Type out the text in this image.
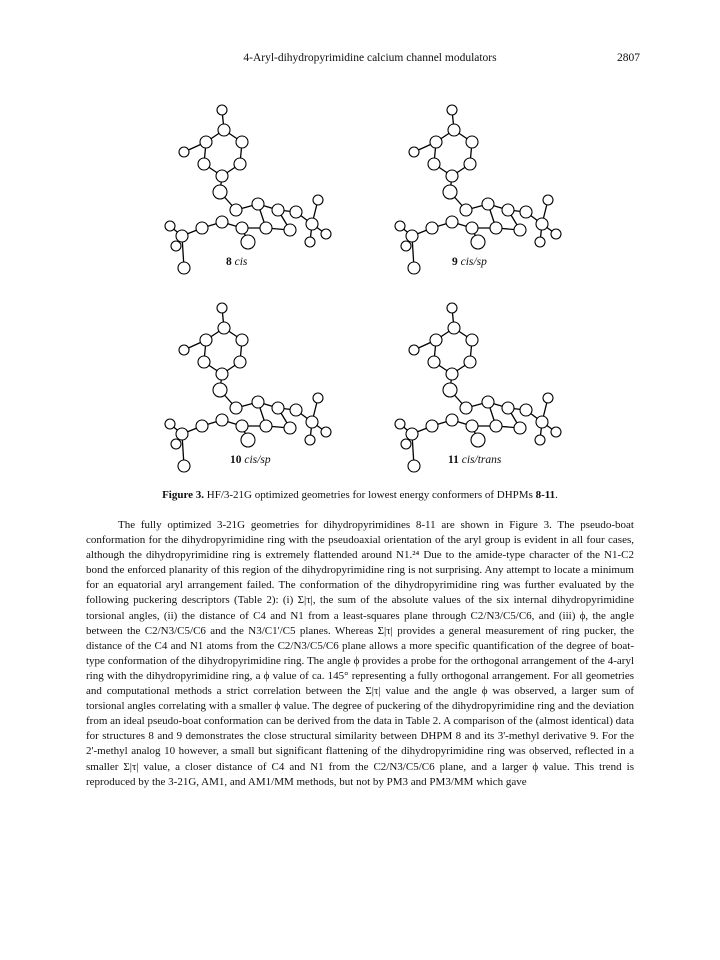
4-Aryl-dihydropyrimidine calcium channel modulators	2807
8 cis	9 cis/sp
10 cis/sp	11 cis/trans
Figure 3. HF/3-21G optimized geometries for lowest energy conformers of DHPMs 8-11.

The fully optimized 3-21G geometries for dihydropyrimidines 8-11 are shown in Figure 3. The pseudo-boat conformation for the dihydropyrimidine ring with the pseudoaxial orientation of the aryl group is evident in all four cases, although the dihydropyrimidine ring is extremely flattended around N1.²⁴ Due to the amide-type character of the N1-C2 bond the enforced planarity of this region of the dihydropyrimidine ring is not surprising. Any attempt to locate a minimum for an equatorial aryl arrangement failed. The conformation of the dihydropyrimidine ring was further evaluated by the following puckering descriptors (Table 2): (i) Σ|τ|, the sum of the absolute values of the six internal dihydropyrimidine torsional angles, (ii) the distance of C4 and N1 from a least-squares plane through C2/N3/C5/C6, and (iii) ϕ, the angle between the C2/N3/C5/C6 and the N3/C1'/C5 planes. Whereas Σ|τ| provides a general measurement of ring pucker, the distance of the C4 and N1 atoms from the C2/N3/C5/C6 plane allows a more specific quantification of the degree of boat-type conformation of the dihydropyrimidine ring. The angle ϕ provides a probe for the orthogonal arrangement of the 4-aryl ring with the dihydropyrimidine ring, a ϕ value of ca. 145° representing a fully orthogonal arrangement. For all geometries and computational methods a strict correlation between the Σ|τ| value and the angle ϕ was observed, a larger sum of torsional angles correlating with a smaller ϕ value. The degree of puckering of the dihydropyrimidine ring and the deviation from an ideal pseudo-boat conformation can be derived from the data in Table 2. A comparison of the (almost identical) data for structures 8 and 9 demonstrates the close structural similarity between DHPM 8 and its 3'-methyl derivative 9. For the 2'-methyl analog 10 however, a small but significant flattening of the dihydropyrimidine ring was observed, reflected in a smaller Σ|τ| value, a closer distance of C4 and N1 from the C2/N3/C5/C6 plane, and a larger ϕ value. This trend is reproduced by the 3-21G, AM1, and AM1/MM methods, but not by PM3 and PM3/MM which gave
